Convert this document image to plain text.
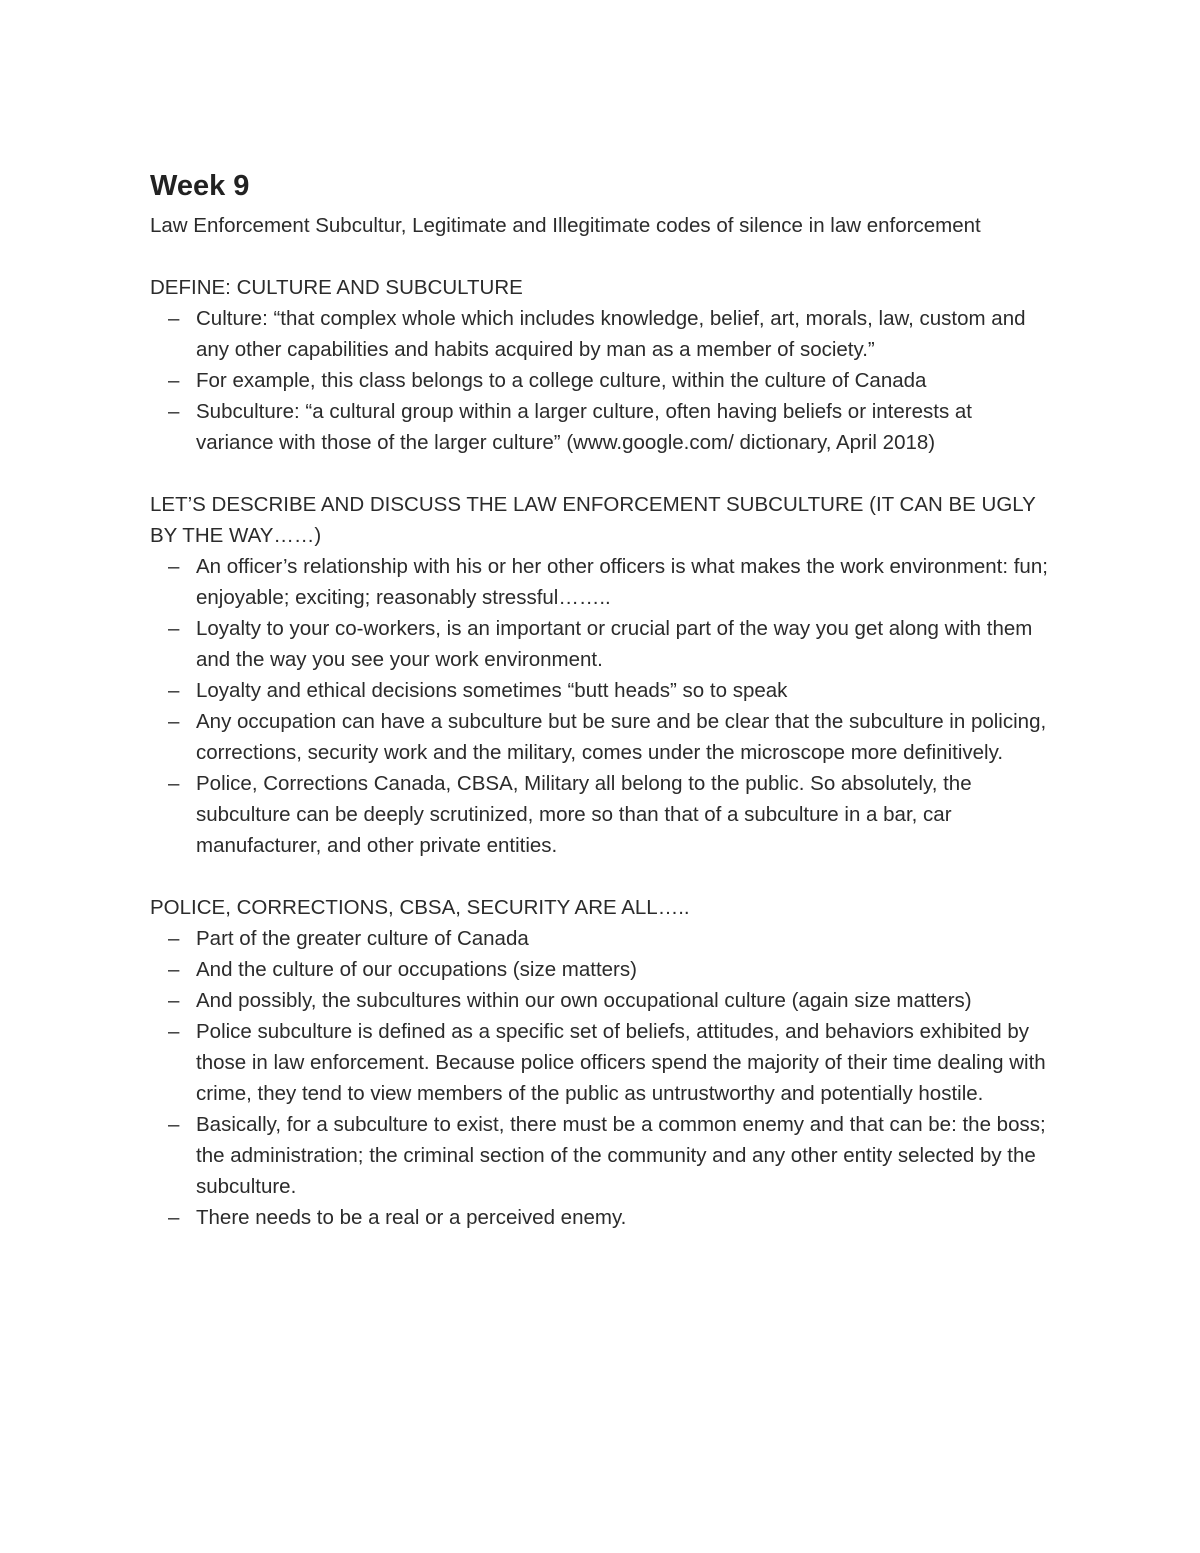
Week 9

Law Enforcement Subcultur, Legitimate and Illegitimate codes of silence in law enforcement

DEFINE: CULTURE AND SUBCULTURE

– Culture: “that complex whole which includes knowledge, belief, art, morals, law, custom and any other capabilities and habits acquired by man as a member of society.”
– For example, this class belongs to a college culture, within the culture of Canada
– Subculture: “a cultural group within a larger culture, often having beliefs or interests at variance with those of the larger culture” (www.google.com/ dictionary, April 2018)

LET’S DESCRIBE AND DISCUSS THE LAW ENFORCEMENT SUBCULTURE (IT CAN BE UGLY BY THE WAY……)

– An officer’s relationship with his or her other officers is what makes the work environment: fun; enjoyable; exciting; reasonably stressful……..
– Loyalty to your co-workers, is an important or crucial part of the way you get along with them and the way you see your work environment.
– Loyalty and ethical decisions sometimes “butt heads” so to speak
– Any occupation can have a subculture but be sure and be clear that the subculture in policing, corrections, security work and the military, comes under the microscope more definitively.
– Police, Corrections Canada, CBSA, Military all belong to the public. So absolutely, the subculture can be deeply scrutinized, more so than that of a subculture in a bar, car manufacturer, and other private entities.

POLICE, CORRECTIONS, CBSA, SECURITY ARE ALL…..

– Part of the greater culture of Canada
– And the culture of our occupations (size matters)
– And possibly, the subcultures within our own occupational culture (again size matters)
– Police subculture is defined as a specific set of beliefs, attitudes, and behaviors exhibited by those in law enforcement. Because police officers spend the majority of their time dealing with crime, they tend to view members of the public as untrustworthy and potentially hostile.
– Basically, for a subculture to exist, there must be a common enemy and that can be: the boss; the administration; the criminal section of the community and any other entity selected by the subculture.
– There needs to be a real or a perceived enemy.
